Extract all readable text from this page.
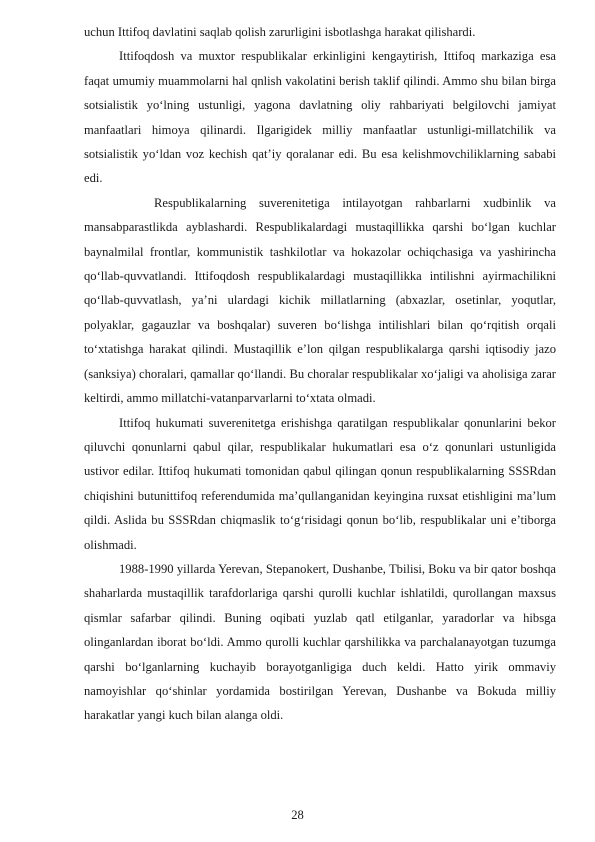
uchun Ittifoq davlatini saqlab qolish zarurligini isbotlashga harakat qilishardi.

Ittifoqdosh va muxtor respublikalar erkinligini kengaytirish, Ittifoq markaziga esa faqat umumiy muammolarni hal qnlish vakolatini berish taklif qilindi. Ammo shu bilan birga sotsialistik yo‘lning ustunligi, yagona davlatning oliy rahbariyati belgilovchi jamiyat manfaatlari himoya qilinardi. Ilgarigidek milliy manfaatlar ustunligi-millatchilik va sotsialistik yo‘ldan voz kechish qat’iy qoralanar edi. Bu esa kelishmovchiliklarning sababi edi.

Respublikalarning suverenitetiga intilayotgan rahbarlarni xudbinlik va mansabparastlikda ayblashardi. Respublikalardagi mustaqillikka qarshi bo‘lgan kuchlar baynalmilal frontlar, kommunistik tashkilotlar va hokazolar ochiqchasiga va yashirincha qo‘llab-quvvatlandi. Ittifoqdosh respublikalardagi mustaqillikka intilishni ayirmachilikni qo‘llab-quvvatlash, ya’ni ulardagi kichik millatlarning (abxazlar, osetinlar, yoqutlar, polyaklar, gagauzlar va boshqalar) suveren bo‘lishga intilishlari bilan qo‘rqitish orqali to‘xtatishga harakat qilindi. Mustaqillik e’lon qilgan respublikalarga qarshi iqtisodiy jazo (sanksiya) choralari, qamallar qo‘llandi. Bu choralar respublikalar xo‘jaligi va aholisiga zarar keltirdi, ammo millatchi-vatanparvarlarni to‘xtata olmadi.

Ittifoq hukumati suverenitetga erishishga qaratilgan respublikalar qonunlarini bekor qiluvchi qonunlarni qabul qilar, respublikalar hukumatlari esa o‘z qonunlari ustunligida ustivor edilar. Ittifoq hukumati tomonidan qabul qilingan qonun respublikalarning SSSRdan chiqishini butunittifoq referendumida ma’qullanganidan keyingina ruxsat etishligini ma’lum qildi. Aslida bu SSSRdan chiqmaslik to‘g‘risidagi qonun bo‘lib, respublikalar uni e’tiborga olishmadi.

1988-1990 yillarda Yerevan, Stepanokert, Dushanbe, Tbilisi, Boku va bir qator boshqa shaharlarda mustaqillik tarafdorlariga qarshi qurolli kuchlar ishlatildi, qurollangan maxsus qismlar safarbar qilindi. Buning oqibati yuzlab qatl etilganlar, yaradorlar va hibsga olinganlardan iborat bo‘ldi. Ammo qurolli kuchlar qarshilikka va parchalanayotgan tuzumga qarshi bo‘lganlarning kuchayib borayotganligiga duch keldi. Hatto yirik ommaviy namoyishlar qo‘shinlar yordamida bostirilgan Yerevan, Dushanbe va Bokuda milliy harakatlar yangi kuch bilan alanga oldi.

28
